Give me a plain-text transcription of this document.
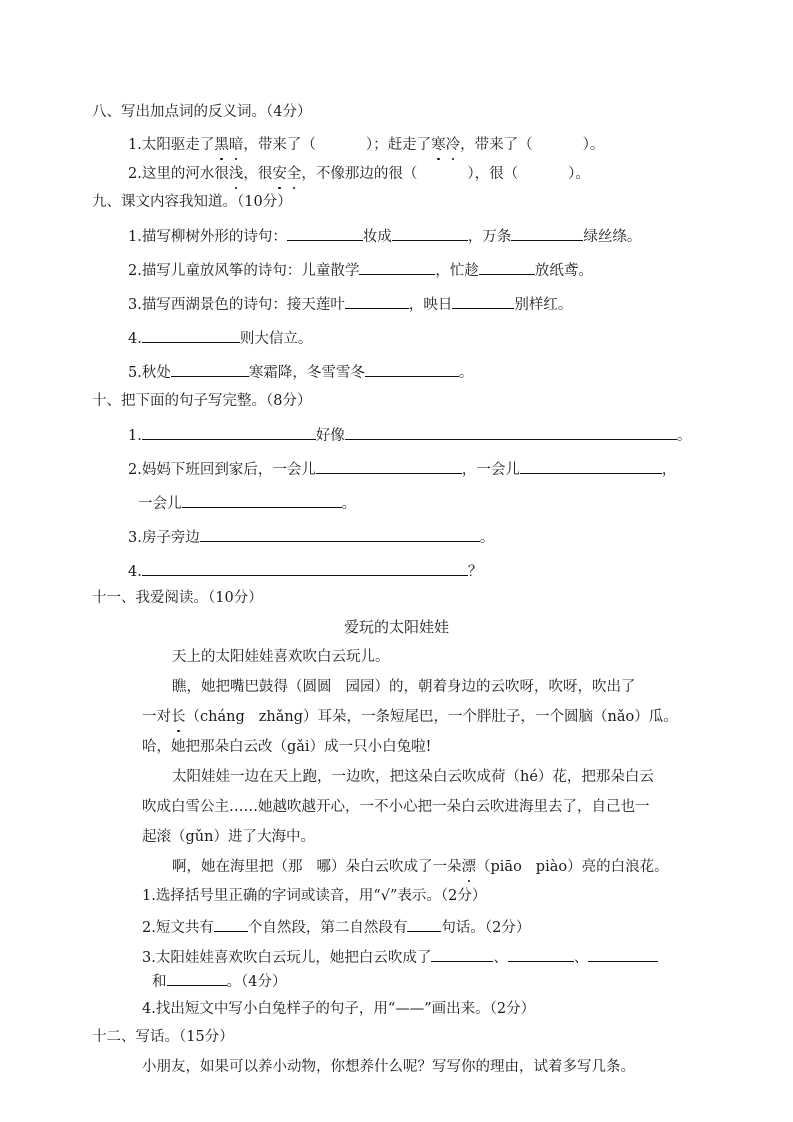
八、写出加点词的反义词。（4分）
1.太阳驱走了黑暗，带来了（	）；赶走了寒冷，带来了（	）。
2.这里的河水很浅，很安全，不像那边的很（	），很（	）。
九、课文内容我知道。（10分）
1.描写柳树外形的诗句：	妆成	，万条	绿丝绦。
2.描写儿童放风筝的诗句：儿童散学	，忙趁	放纸鸢。
3.描写西湖景色的诗句：接天莲叶	，映日	别样红。
4.	则大信立。
5.秋处	寒霜降，冬雪雪冬	。
十、把下面的句子写完整。（8分）
1.	好像	。
2.妈妈下班回到家后，一会儿	，一会儿	，
一会儿	。
3.房子旁边	。
4.	？
十一、我爱阅读。（10分）
爱玩的太阳娃娃
天上的太阳娃娃喜欢吹白云玩儿。
瞧，她把嘴巴鼓得（圆圆 园园）的，朝着身边的云吹呀，吹呀，吹出了
一对长（cháng zhǎng）耳朵，一条短尾巴，一个胖肚子，一个圆脑（nǎo）瓜。
哈，她把那朵白云改（gǎi）成一只小白兔啦!
太阳娃娃一边在天上跑，一边吹，把这朵白云吹成荷（hé）花，把那朵白云
吹成白雪公主……她越吹越开心，一不小心把一朵白云吹进海里去了，自己也一
起滚（gǔn）进了大海中。
啊，她在海里把（那 哪）朵白云吹成了一朵漂（piāo piào）亮的白浪花。
1.选择括号里正确的字词或读音，用“√”表示。（2分）
2.短文共有 个自然段，第二自然段有 句话。（2分）
3.太阳娃娃喜欢吹白云玩儿，她把白云吹成了	、	、
和	。（4分）
4.找出短文中写小白兔样子的句子，用“——”画出来。（2分）
十二、写话。（15分）
小朋友，如果可以养小动物，你想养什么呢？写写你的理由，试着多写几条。
